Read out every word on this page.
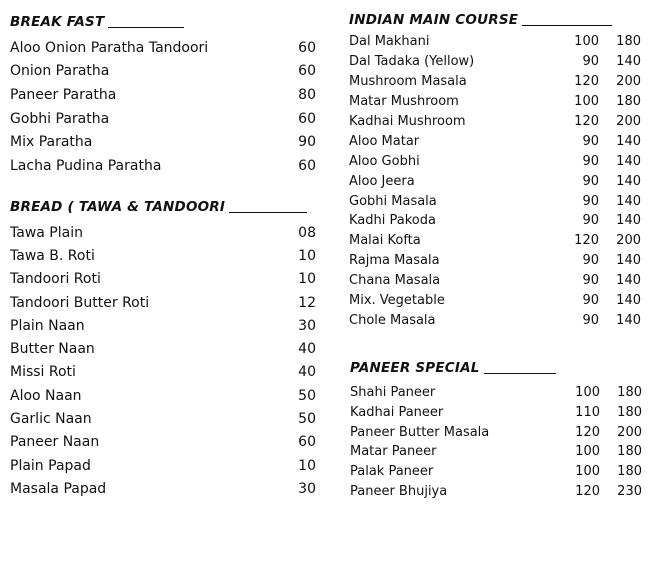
BREAK FAST
Aloo Onion Paratha Tandoori	60
Onion Paratha	60
Paneer Paratha	80
Gobhi Paratha	60
Mix Paratha	90
Lacha Pudina Paratha	60
BREAD ( TAWA & TANDOORI
Tawa Plain	08
Tawa B. Roti	10
Tandoori Roti	10
Tandoori Butter Roti	12
Plain Naan	30
Butter Naan	40
Missi Roti	40
Aloo Naan	50
Garlic Naan	50
Paneer Naan	60
Plain Papad	10
Masala Papad	30
INDIAN MAIN COURSE
Dal Makhani	100	180
Dal Tadaka (Yellow)	90	140
Mushroom Masala	120	200
Matar Mushroom	100	180
Kadhai Mushroom	120	200
Aloo Matar	90	140
Aloo Gobhi	90	140
Aloo Jeera	90	140
Gobhi Masala	90	140
Kadhi Pakoda	90	140
Malai Kofta	120	200
Rajma Masala	90	140
Chana Masala	90	140
Mix. Vegetable	90	140
Chole Masala	90	140
PANEER SPECIAL
Shahi Paneer	100	180
Kadhai Paneer	110	180
Paneer Butter Masala	120	200
Matar Paneer	100	180
Palak Paneer	100	180
Paneer Bhujiya	120	230
